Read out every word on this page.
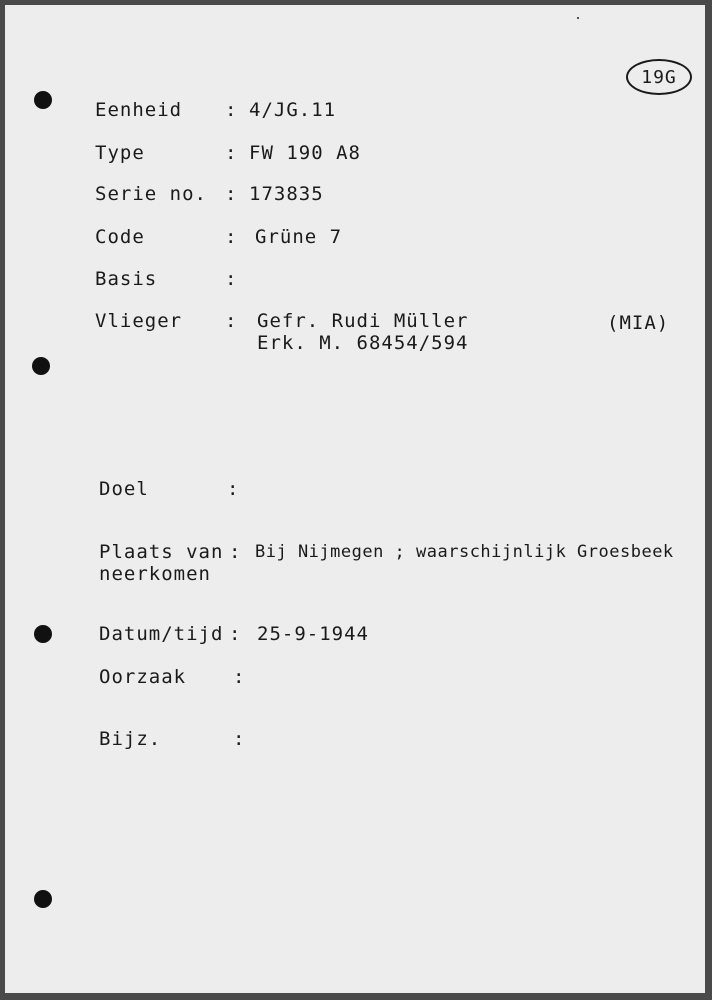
19G
Eenheid : 4/JG.11
Type	: FW 190 A8
Serie no. : 173835
Code	: Grüne 7
Basis	:
Vlieger : Gefr. Rudi Müller
Erk. M. 68454/594
(MIA)
Doel	:
Plaats van
neerkomen
: Bij Nijmegen ; waarschijnlijk Groesbeek
Datum/tijd : 25-9-1944
Oorzaak :
Bijz.	:
